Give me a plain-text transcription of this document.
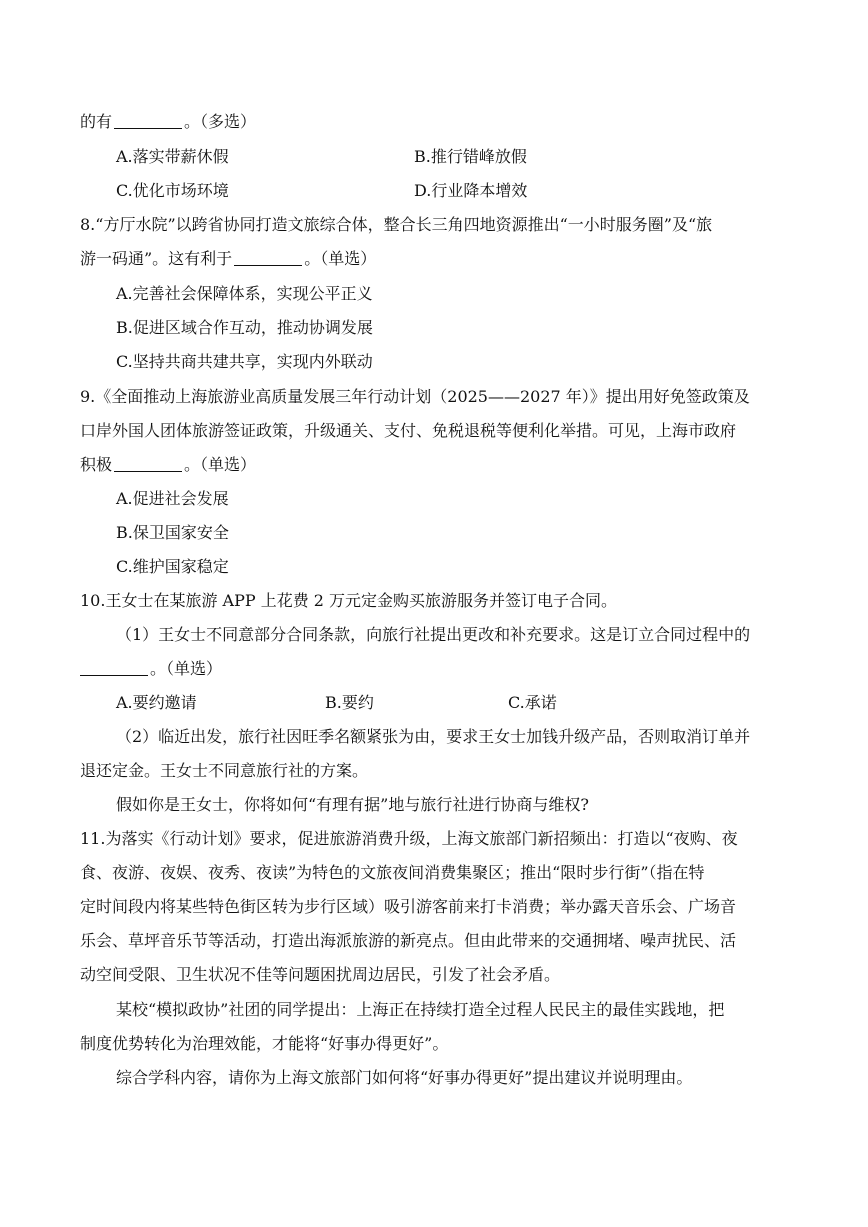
的有	。（多选）
A.落实带薪休假	B.推行错峰放假
C.优化市场环境	D.行业降本增效
8.“方厅水院”以跨省协同打造文旅综合体，整合长三角四地资源推出“一小时服务圈”及“旅
游一码通”。这有利于	。（单选）
A.完善社会保障体系，实现公平正义
B.促进区域合作互动，推动协调发展
C.坚持共商共建共享，实现内外联动
9.《全面推动上海旅游业高质量发展三年行动计划（2025——2027 年）》提出用好免签政策及
口岸外国人团体旅游签证政策，升级通关、支付、免税退税等便利化举措。可见，上海市政府
积极	。（单选）
A.促进社会发展
B.保卫国家安全
C.维护国家稳定
10.王女士在某旅游 APP 上花费 2 万元定金购买旅游服务并签订电子合同。
（1）王女士不同意部分合同条款，向旅行社提出更改和补充要求。这是订立合同过程中的
。（单选）
A.要约邀请	B.要约	C.承诺
（2）临近出发，旅行社因旺季名额紧张为由，要求王女士加钱升级产品，否则取消订单并
退还定金。王女士不同意旅行社的方案。
假如你是王女士，你将如何“有理有据”地与旅行社进行协商与维权?
11.为落实《行动计划》要求，促进旅游消费升级，上海文旅部门新招频出：打造以“夜购、夜
食、夜游、夜娱、夜秀、夜读”为特色的文旅夜间消费集聚区；推出“限时步行街”（指在特
定时间段内将某些特色街区转为步行区域）吸引游客前来打卡消费；举办露天音乐会、广场音
乐会、草坪音乐节等活动，打造出海派旅游的新亮点。但由此带来的交通拥堵、噪声扰民、活
动空间受限、卫生状况不佳等问题困扰周边居民，引发了社会矛盾。
某校“模拟政协”社团的同学提出：上海正在持续打造全过程人民民主的最佳实践地，把
制度优势转化为治理效能，才能将“好事办得更好”。
综合学科内容，请你为上海文旅部门如何将“好事办得更好”提出建议并说明理由。
